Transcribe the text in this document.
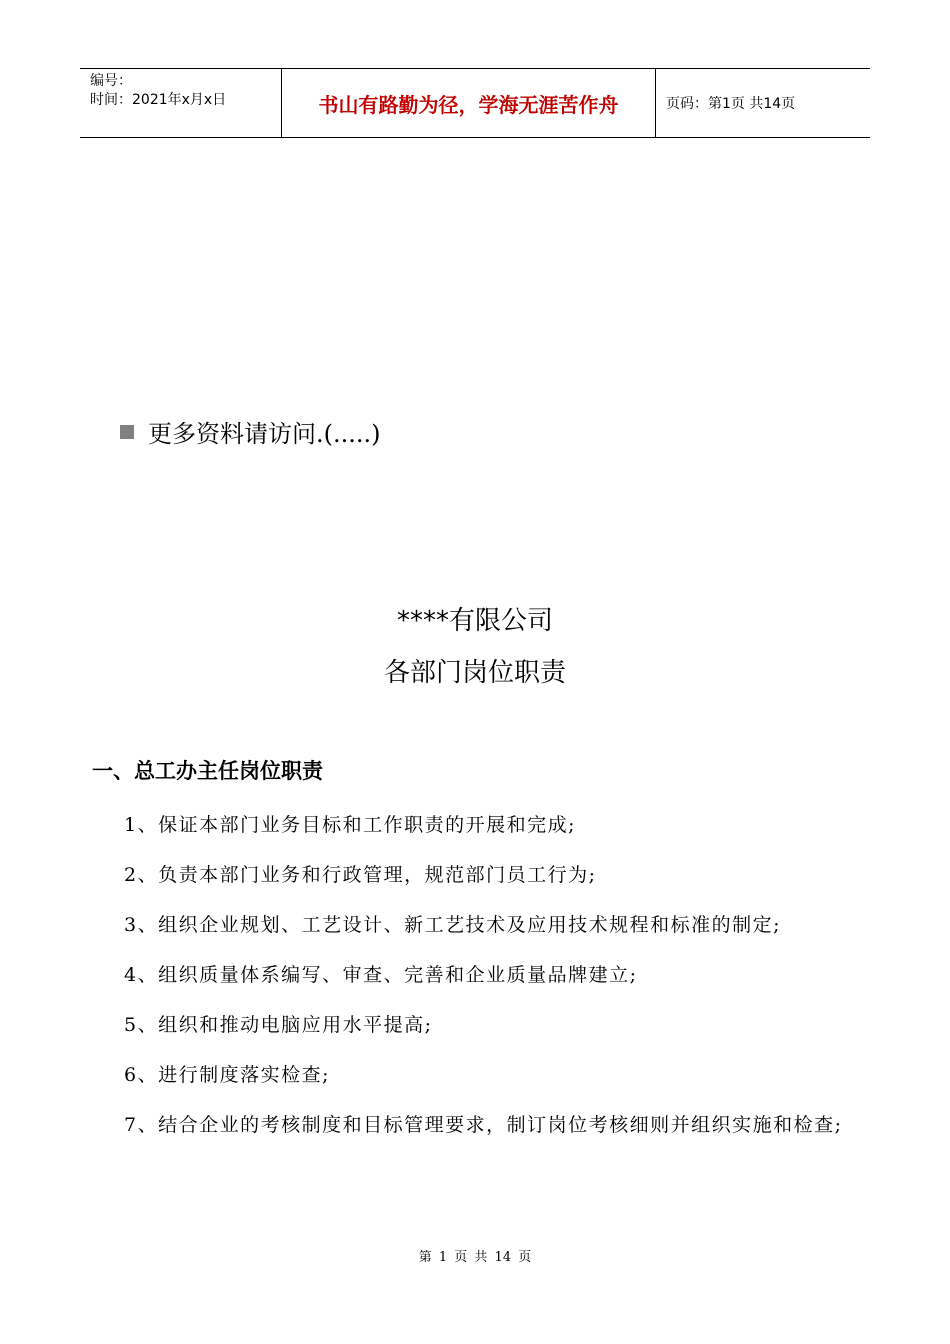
编号：
时间：2021年x月x日	书山有路勤为径，学海无涯苦作舟	页码：第1页 共14页
更多资料请访问.(.....)
****有限公司
各部门岗位职责
一、总工办主任岗位职责
1、保证本部门业务目标和工作职责的开展和完成;
2、负责本部门业务和行政管理，规范部门员工行为;
3、组织企业规划、工艺设计、新工艺技术及应用技术规程和标准的制定;
4、组织质量体系编写、审查、完善和企业质量品牌建立;
5、组织和推动电脑应用水平提高;
6、进行制度落实检查;
7、结合企业的考核制度和目标管理要求，制订岗位考核细则并组织实施和检查;
第 1 页 共 14 页
